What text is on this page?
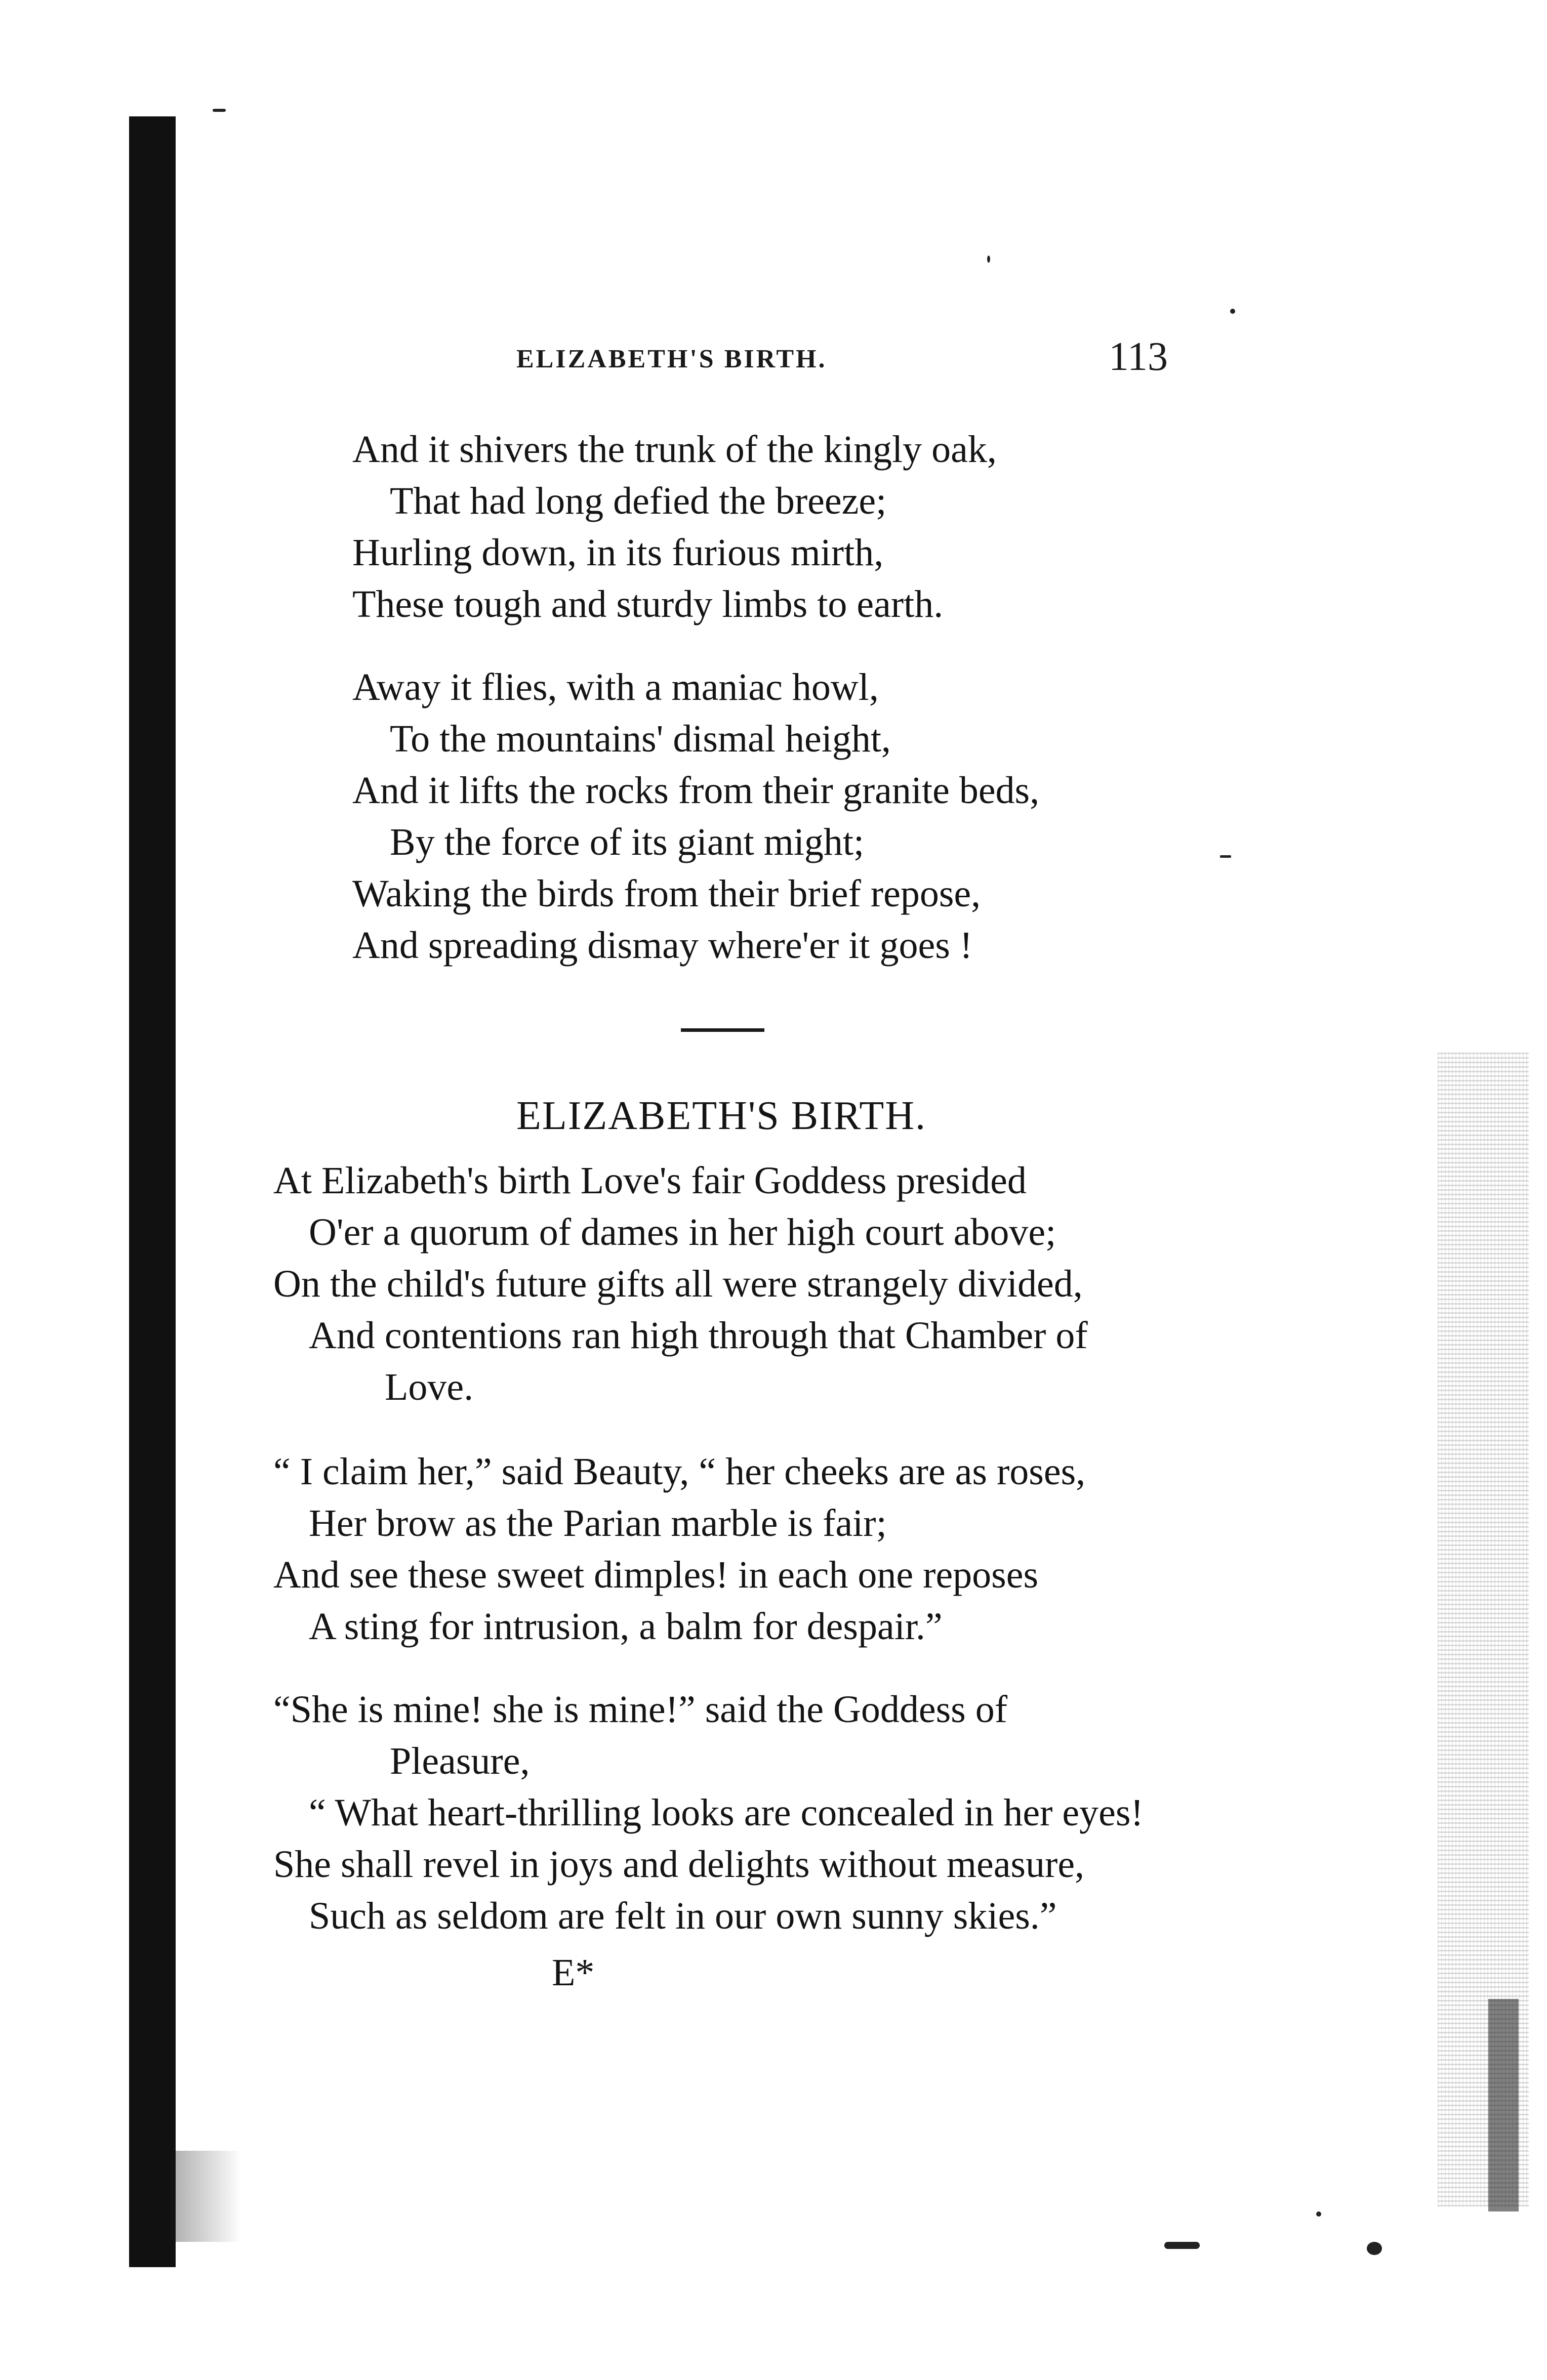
ELIZABETH'S BIRTH.	113
And it shivers the trunk of the kingly oak,
That had long defied the breeze;
Hurling down, in its furious mirth,
These tough and sturdy limbs to earth.
Away it flies, with a maniac howl,
To the mountains' dismal height,
And it lifts the rocks from their granite beds,
By the force of its giant might;
Waking the birds from their brief repose,
And spreading dismay where'er it goes !
ELIZABETH'S BIRTH.
At Elizabeth's birth Love's fair Goddess presided
O'er a quorum of dames in her high court above;
On the child's future gifts all were strangely divided,
And contentions ran high through that Chamber of
Love.
“ I claim her,” said Beauty, “ her cheeks are as roses,
Her brow as the Parian marble is fair;
And see these sweet dimples! in each one reposes
A sting for intrusion, a balm for despair.”
“She is mine! she is mine!” said the Goddess of
Pleasure,
“ What heart-thrilling looks are concealed in her eyes!
She shall revel in joys and delights without measure,
Such as seldom are felt in our own sunny skies.”
E*
